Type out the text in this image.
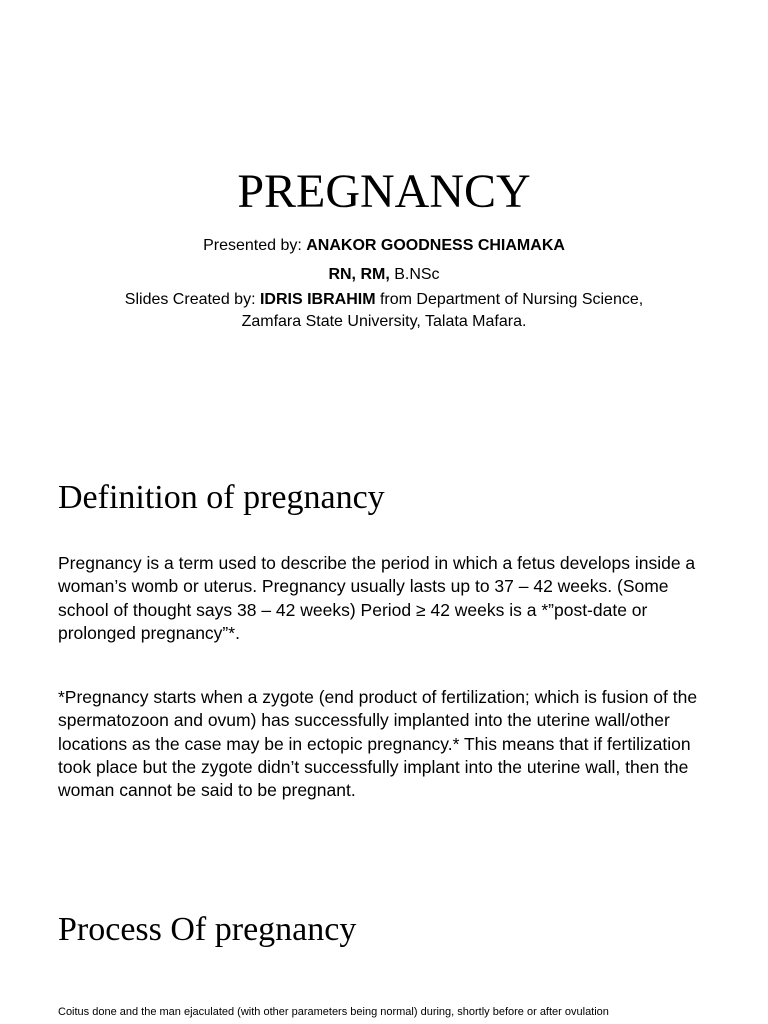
PREGNANCY
Presented by: ANAKOR GOODNESS CHIAMAKA
RN, RM, B.NSc
Slides Created by: IDRIS IBRAHIM from Department of Nursing Science,
Zamfara State University, Talata Mafara.
Definition of pregnancy

Pregnancy is a term used to describe the period in which a fetus develops inside a woman’s womb or uterus. Pregnancy usually lasts up to 37 – 42 weeks. (Some school of thought says 38 – 42 weeks) Period ≥ 42 weeks is a *”post-date or prolonged pregnancy”*.

*Pregnancy starts when a zygote (end product of fertilization; which is fusion of the spermatozoon and ovum) has successfully implanted into the uterine wall/other locations as the case may be in ectopic pregnancy.* This means that if fertilization took place but the zygote didn’t successfully implant into the uterine wall, then the woman cannot be said to be pregnant.

Process Of pregnancy

Coitus done and the man ejaculated (with other parameters being normal) during, shortly before or after ovulation
